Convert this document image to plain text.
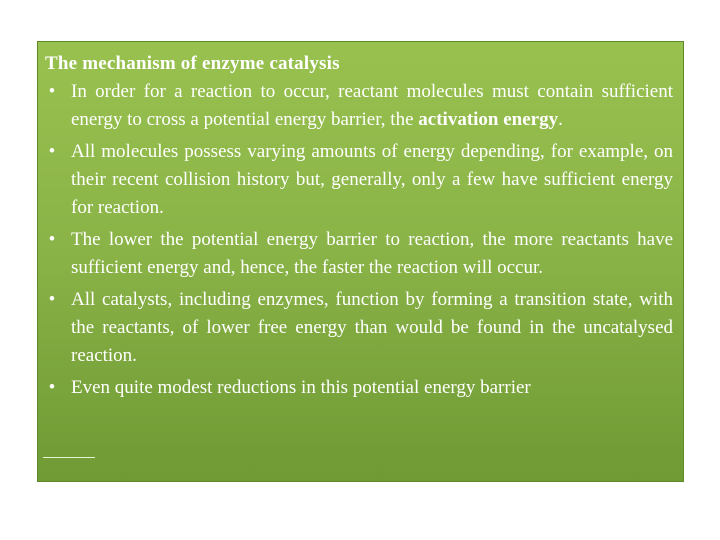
The mechanism of enzyme catalysis

• In order for a reaction to occur, reactant molecules must contain sufficient energy to cross a potential energy barrier, the activation energy.
• All molecules possess varying amounts of energy depending, for example, on their recent collision history but, generally, only a few have sufficient energy for reaction.
• The lower the potential energy barrier to reaction, the more reactants have sufficient energy and, hence, the faster the reaction will occur.
• All catalysts, including enzymes, function by forming a transition state, with the reactants, of lower free energy than would be found in the uncatalysed reaction.
• Even quite modest reductions in this potential energy barrier
